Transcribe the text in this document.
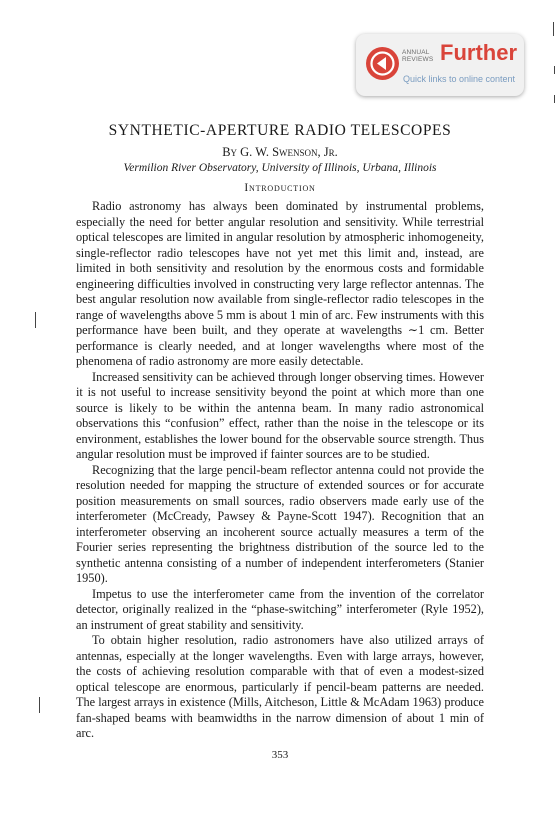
ANNUAL
REVIEWS Further
Quick links to online content
SYNTHETIC-APERTURE RADIO TELESCOPES
By G. W. Swenson, Jr.
Vermilion River Observatory, University of Illinois, Urbana, Illinois
Introduction

Radio astronomy has always been dominated by instrumental problems, especially the need for better angular resolution and sensitivity. While terrestrial optical telescopes are limited in angular resolution by atmospheric inhomogeneity, single-reflector radio telescopes have not yet met this limit and, instead, are limited in both sensitivity and resolution by the enormous costs and formidable engineering difficulties involved in constructing very large reflector antennas. The best angular resolution now available from single-reflector radio telescopes in the range of wavelengths above 5 mm is about 1 min of arc. Few instruments with this performance have been built, and they operate at wavelengths ∼1 cm. Better performance is clearly needed, and at longer wavelengths where most of the phenomena of radio astronomy are more easily detectable.

Increased sensitivity can be achieved through longer observing times. However it is not useful to increase sensitivity beyond the point at which more than one source is likely to be within the antenna beam. In many radio astronomical observations this “confusion” effect, rather than the noise in the telescope or its environment, establishes the lower bound for the observable source strength. Thus angular resolution must be improved if fainter sources are to be studied.

Recognizing that the large pencil-beam reflector antenna could not provide the resolution needed for mapping the structure of extended sources or for accurate position measurements on small sources, radio observers made early use of the interferometer (McCready, Pawsey & Payne-Scott 1947). Recognition that an interferometer observing an incoherent source actually measures a term of the Fourier series representing the brightness distribution of the source led to the synthetic antenna consisting of a number of independent interferometers (Stanier 1950).

Impetus to use the interferometer came from the invention of the correlator detector, originally realized in the “phase-switching” interferometer (Ryle 1952), an instrument of great stability and sensitivity.

To obtain higher resolution, radio astronomers have also utilized arrays of antennas, especially at the longer wavelengths. Even with large arrays, however, the costs of achieving resolution comparable with that of even a modest-sized optical telescope are enormous, particularly if pencil-beam patterns are needed. The largest arrays in existence (Mills, Aitcheson, Little & McAdam 1963) produce fan-shaped beams with beamwidths in the narrow dimension of about 1 min of arc.

353
